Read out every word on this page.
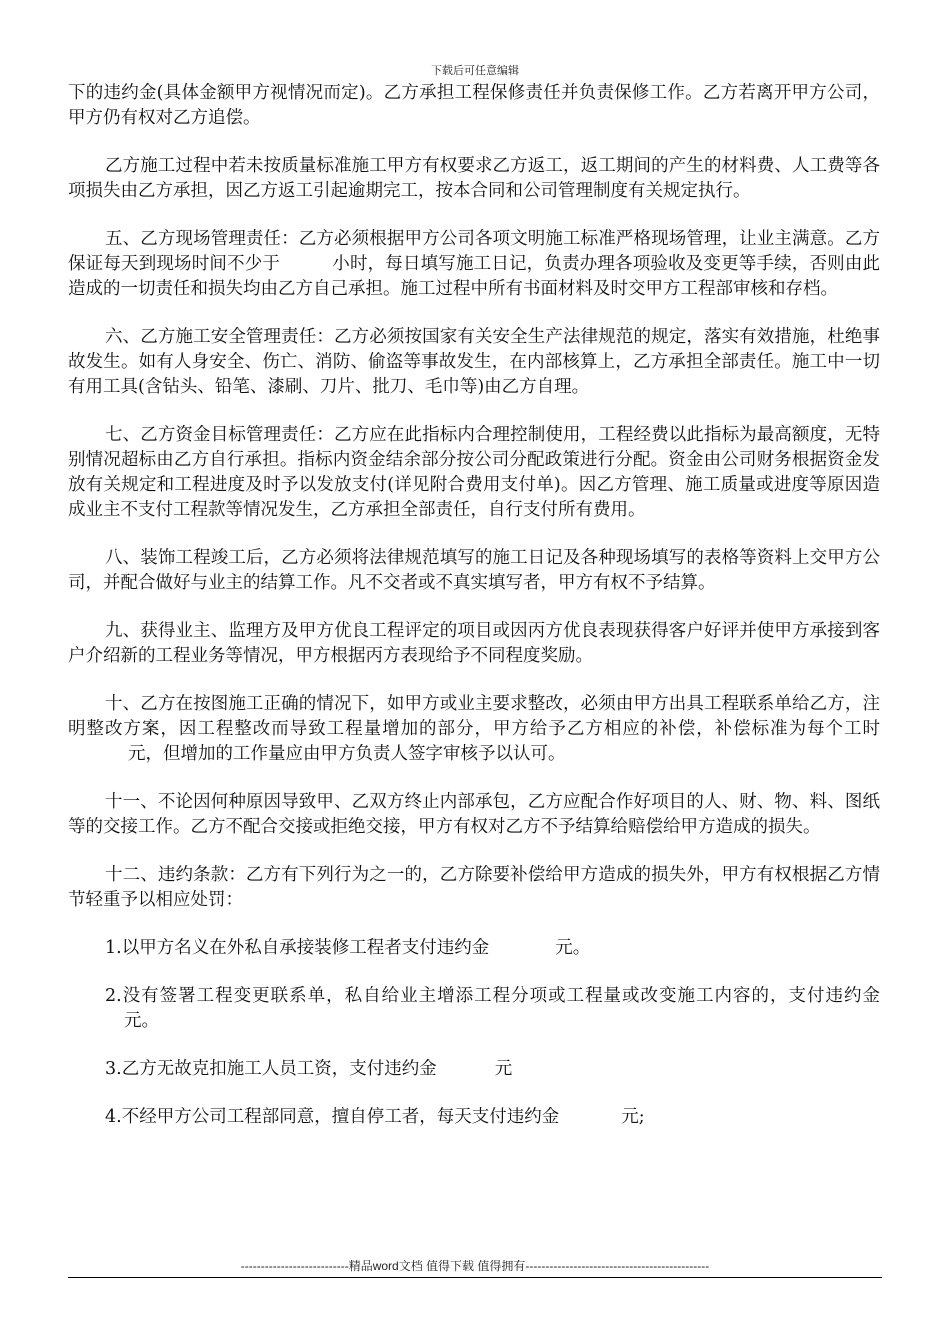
下载后可任意编辑

下的违约金(具体金额甲方视情况而定)。乙方承担工程保修责任并负责保修工作。乙方若离开甲方公司，甲方仍有权对乙方追偿。

乙方施工过程中若未按质量标准施工甲方有权要求乙方返工，返工期间的产生的材料费、人工费等各项损失由乙方承担，因乙方返工引起逾期完工，按本合同和公司管理制度有关规定执行。

五、乙方现场管理责任：乙方必须根据甲方公司各项文明施工标准严格现场管理，让业主满意。乙方保证每天到现场时间不少于	小时，每日填写施工日记，负责办理各项验收及变更等手续，否则由此造成的一切责任和损失均由乙方自己承担。施工过程中所有书面材料及时交甲方工程部审核和存档。

六、乙方施工安全管理责任：乙方必须按国家有关安全生产法律规范的规定，落实有效措施，杜绝事故发生。如有人身安全、伤亡、消防、偷盗等事故发生，在内部核算上，乙方承担全部责任。施工中一切有用工具(含钻头、铅笔、漆刷、刀片、批刀、毛巾等)由乙方自理。

七、乙方资金目标管理责任：乙方应在此指标内合理控制使用，工程经费以此指标为最高额度，无特别情况超标由乙方自行承担。指标内资金结余部分按公司分配政策进行分配。资金由公司财务根据资金发放有关规定和工程进度及时予以发放支付(详见附合费用支付单)。因乙方管理、施工质量或进度等原因造成业主不支付工程款等情况发生，乙方承担全部责任，自行支付所有费用。

八、装饰工程竣工后，乙方必须将法律规范填写的施工日记及各种现场填写的表格等资料上交甲方公司，并配合做好与业主的结算工作。凡不交者或不真实填写者，甲方有权不予结算。

九、获得业主、监理方及甲方优良工程评定的项目或因丙方优良表现获得客户好评并使甲方承接到客户介绍新的工程业务等情况，甲方根据丙方表现给予不同程度奖励。

十、乙方在按图施工正确的情况下，如甲方或业主要求整改，必须由甲方出具工程联系单给乙方，注明整改方案，因工程整改而导致工程量增加的部分，甲方给予乙方相应的补偿，补偿标准为每个工时元，但增加的工作量应由甲方负责人签字审核予以认可。

十一、不论因何种原因导致甲、乙双方终止内部承包，乙方应配合作好项目的人、财、物、料、图纸等的交接工作。乙方不配合交接或拒绝交接，甲方有权对乙方不予结算给赔偿给甲方造成的损失。

十二、违约条款：乙方有下列行为之一的，乙方除要补偿给甲方造成的损失外，甲方有权根据乙方情节轻重予以相应处罚：

1.以甲方名义在外私自承接装修工程者支付违约金	元。

2.没有签署工程变更联系单，私自给业主增添工程分项或工程量或改变施工内容的，支付违约金元。

3.乙方无故克扣施工人员工资，支付违约金	元

4.不经甲方公司工程部同意，擅自停工者，每天支付违约金	元;

---------------------------精品word文档 值得下载 值得拥有----------------------------------------------
